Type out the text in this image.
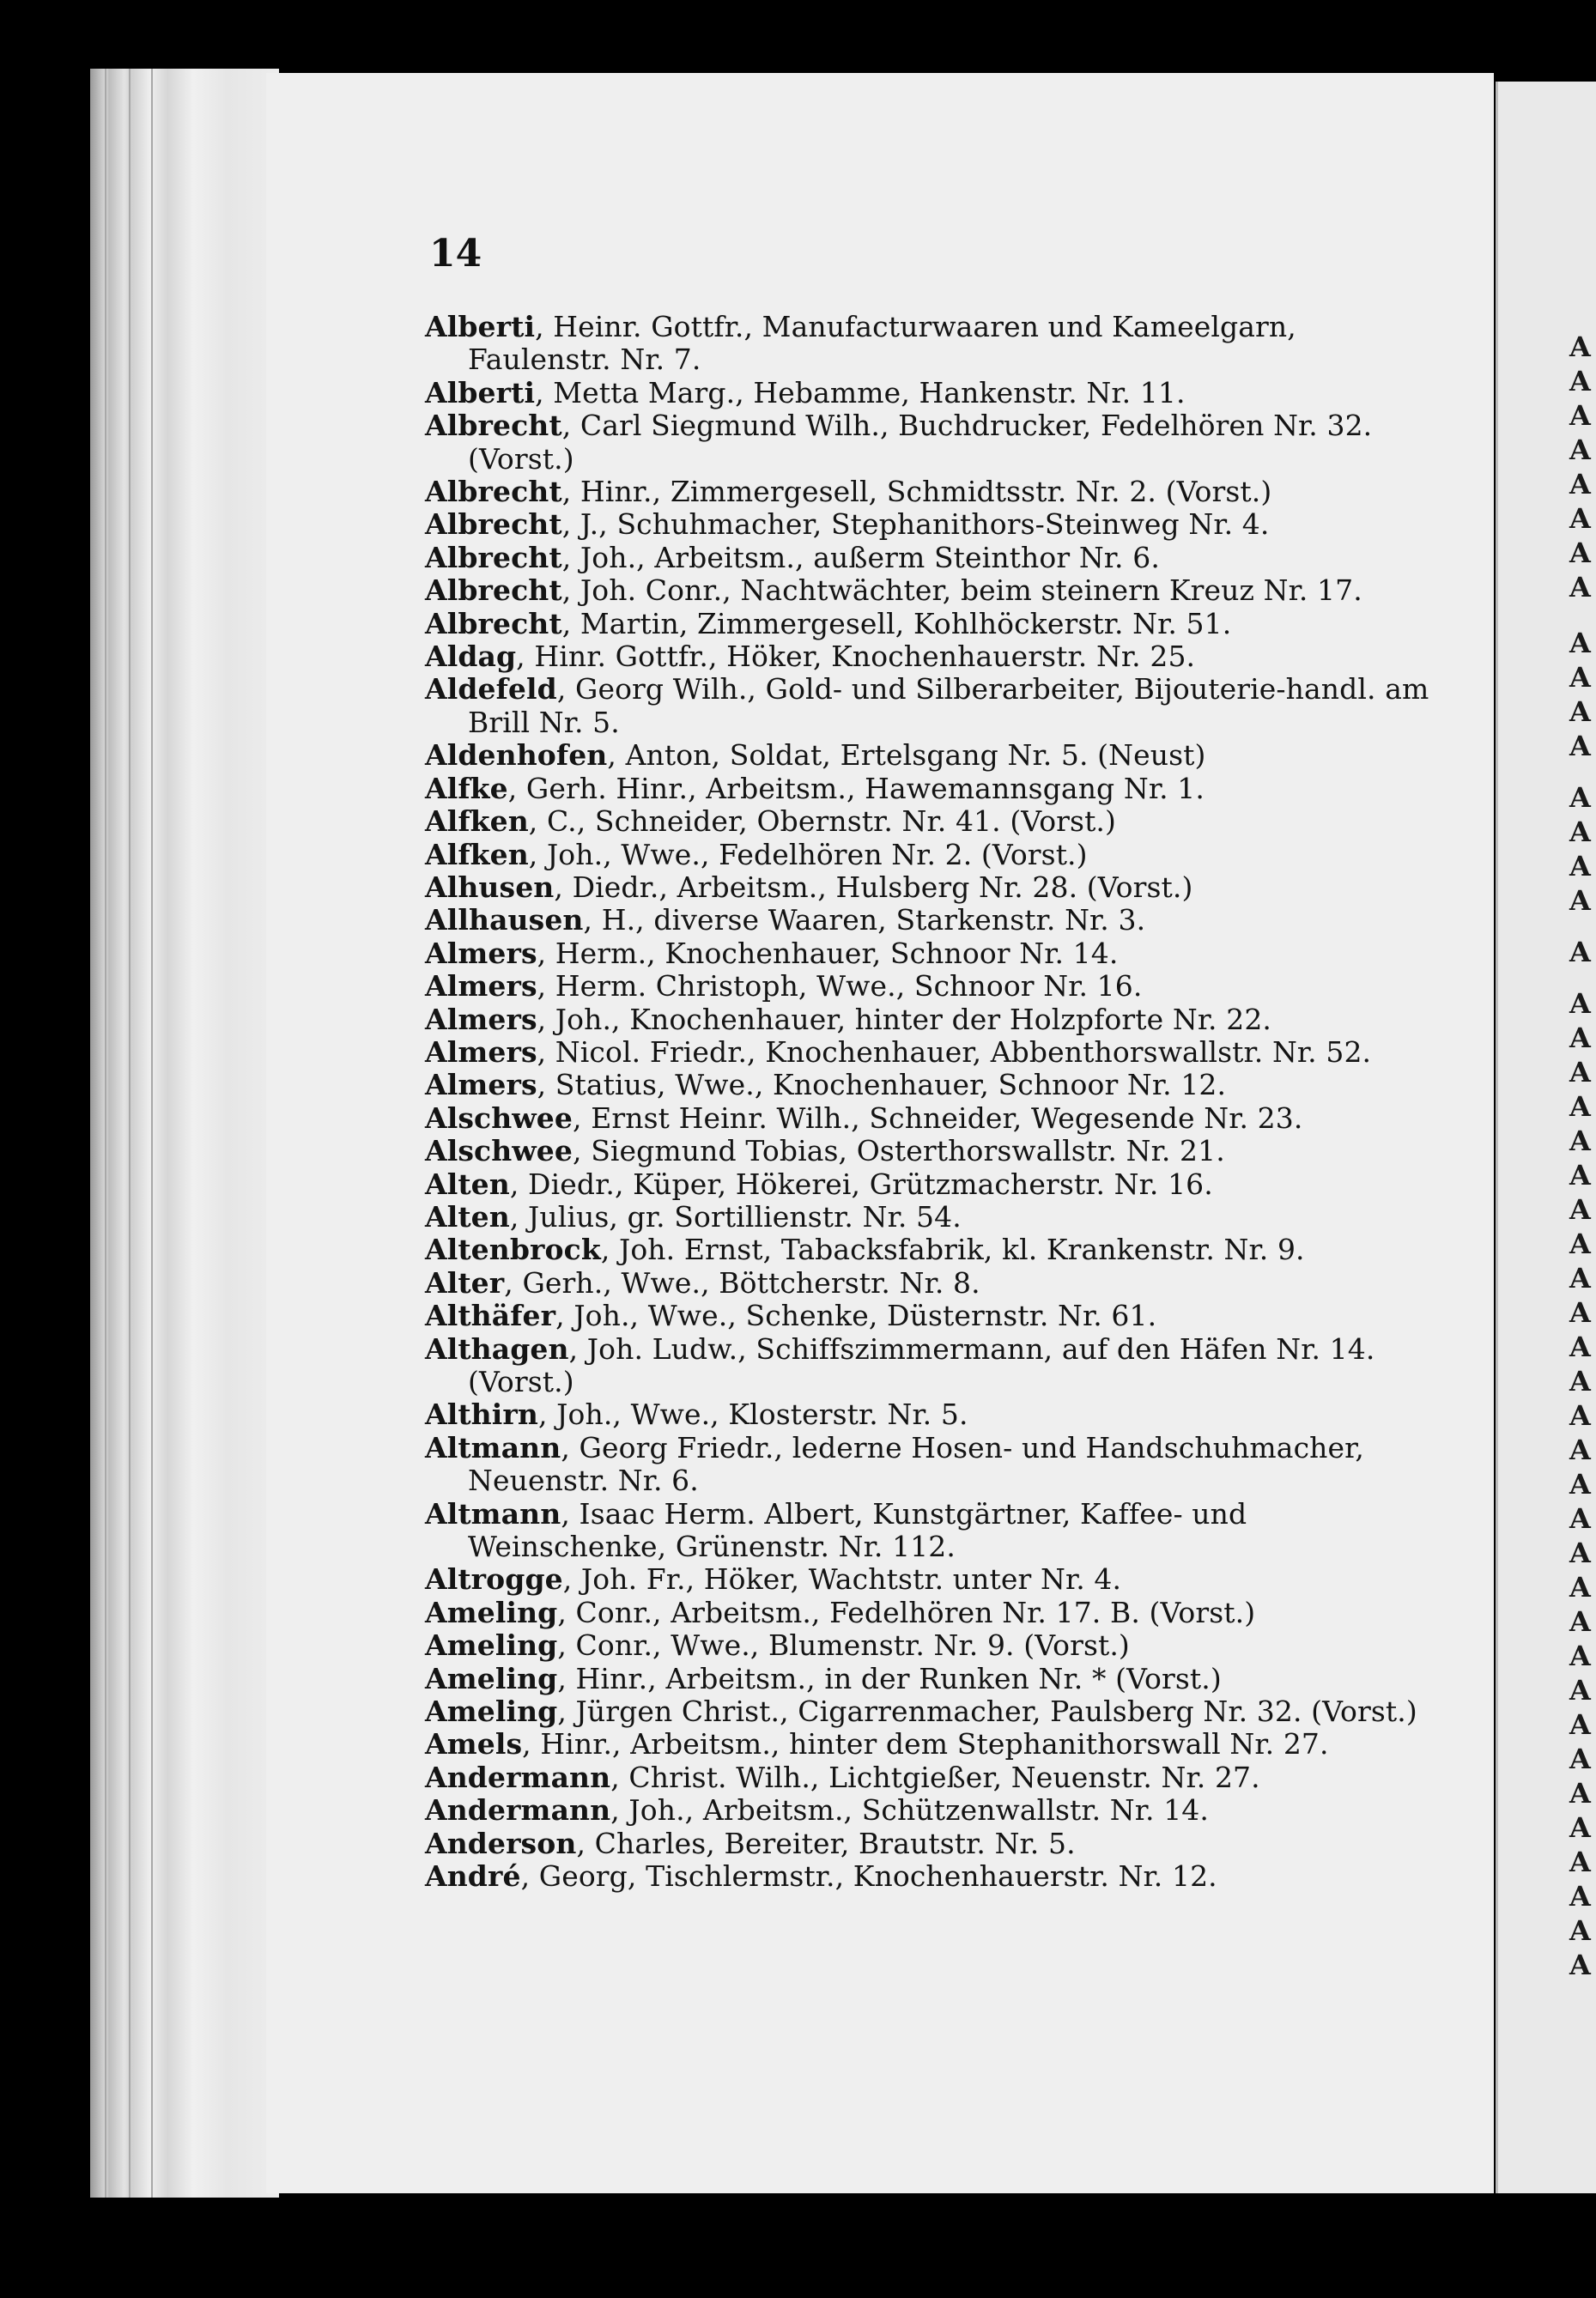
14
Alberti, Heinr. Gottfr., Manufacturwaaren und Kameelgarn, Faulenstr. Nr. 7.
Alberti, Metta Marg., Hebamme, Hankenstr. Nr. 11.
Albrecht, Carl Siegmund Wilh., Buchdrucker, Fedelhören Nr. 32. (Vorst.)
Albrecht, Hinr., Zimmergesell, Schmidtsstr. Nr. 2. (Vorst.)
Albrecht, J., Schuhmacher, Stephanithors-Steinweg Nr. 4.
Albrecht, Joh., Arbeitsm., außerm Steinthor Nr. 6.
Albrecht, Joh. Conr., Nachtwächter, beim steinern Kreuz Nr. 17.
Albrecht, Martin, Zimmergesell, Kohlhöckerstr. Nr. 51.
Aldag, Hinr. Gottfr., Höker, Knochenhauerstr. Nr. 25.
Aldefeld, Georg Wilh., Gold- und Silberarbeiter, Bijouterie-handl. am Brill Nr. 5.
Aldenhofen, Anton, Soldat, Ertelsgang Nr. 5. (Neust)
Alfke, Gerh. Hinr., Arbeitsm., Hawemannsgang Nr. 1.
Alfken, C., Schneider, Obernstr. Nr. 41. (Vorst.)
Alfken, Joh., Wwe., Fedelhören Nr. 2. (Vorst.)
Alhusen, Diedr., Arbeitsm., Hulsberg Nr. 28. (Vorst.)
Allhausen, H., diverse Waaren, Starkenstr. Nr. 3.
Almers, Herm., Knochenhauer, Schnoor Nr. 14.
Almers, Herm. Christoph, Wwe., Schnoor Nr. 16.
Almers, Joh., Knochenhauer, hinter der Holzpforte Nr. 22.
Almers, Nicol. Friedr., Knochenhauer, Abbenthorswallstr. Nr. 52.
Almers, Statius, Wwe., Knochenhauer, Schnoor Nr. 12.
Alschwee, Ernst Heinr. Wilh., Schneider, Wegesende Nr. 23.
Alschwee, Siegmund Tobias, Osterthorswallstr. Nr. 21.
Alten, Diedr., Küper, Hökerei, Grützmacherstr. Nr. 16.
Alten, Julius, gr. Sortillienstr. Nr. 54.
Altenbrock, Joh. Ernst, Tabacksfabrik, kl. Krankenstr. Nr. 9.
Alter, Gerh., Wwe., Böttcherstr. Nr. 8.
Althäfer, Joh., Wwe., Schenke, Düsternstr. Nr. 61.
Althagen, Joh. Ludw., Schiffszimmermann, auf den Häfen Nr. 14. (Vorst.)
Althirn, Joh., Wwe., Klosterstr. Nr. 5.
Altmann, Georg Friedr., lederne Hosen- und Handschuhmacher, Neuenstr. Nr. 6.
Altmann, Isaac Herm. Albert, Kunstgärtner, Kaffee- und Weinschenke, Grünenstr. Nr. 112.
Altrogge, Joh. Fr., Höker, Wachtstr. unter Nr. 4.
Ameling, Conr., Arbeitsm., Fedelhören Nr. 17. B. (Vorst.)
Ameling, Conr., Wwe., Blumenstr. Nr. 9. (Vorst.)
Ameling, Hinr., Arbeitsm., in der Runken Nr. * (Vorst.)
Ameling, Jürgen Christ., Cigarrenmacher, Paulsberg Nr. 32. (Vorst.)
Amels, Hinr., Arbeitsm., hinter dem Stephanithorswall Nr. 27.
Andermann, Christ. Wilh., Lichtgießer, Neuenstr. Nr. 27.
Andermann, Joh., Arbeitsm., Schützenwallstr. Nr. 14.
Anderson, Charles, Bereiter, Brautstr. Nr. 5.
André, Georg, Tischlermstr., Knochenhauerstr. Nr. 12.
A
A
A
A
A
A
A
A
A
A
A
A
A
A
A
A
A
A
A
A
A
A
A
A
A
A
A
A
A
A
A
A
A
A
A
A
A
A
A
A
A
A
A
A
A
A
